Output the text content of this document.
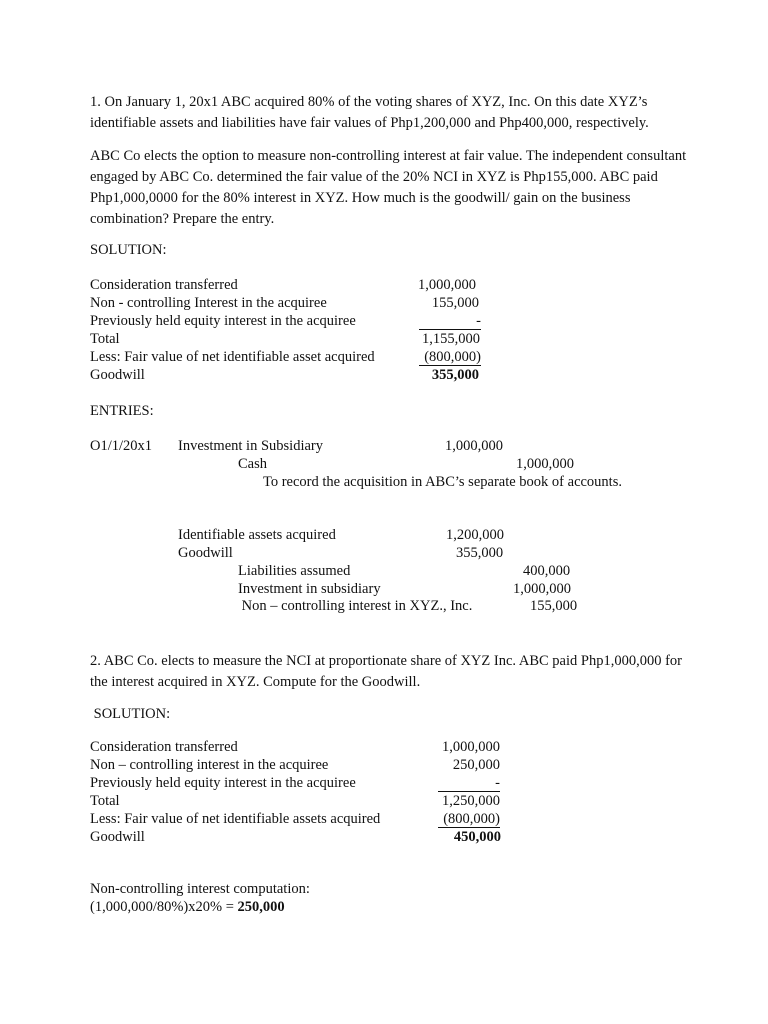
1. On January 1, 20x1 ABC acquired 80% of the voting shares of XYZ, Inc. On this date XYZ’s identifiable assets and liabilities have fair values of Php1,200,000 and Php400,000, respectively.

ABC Co elects the option to measure non-controlling interest at fair value. The independent consultant engaged by ABC Co. determined the fair value of the 20% NCI in XYZ is Php155,000. ABC paid Php1,000,0000 for the 80% interest in XYZ. How much is the goodwill/ gain on the business combination? Prepare the entry.

SOLUTION:
Consideration transferred	1,000,000
Non - controlling Interest in the acquiree	155,000
Previously held equity interest in the acquiree	-
Total	1,155,000
Less: Fair value of net identifiable asset acquired	(800,000)
Goodwill	355,000
ENTRIES:
O1/1/20x1 Investment in Subsidiary	1,000,000
Cash	1,000,000
To record the acquisition in ABC’s separate book of accounts.
Identifiable assets acquired	1,200,000
Goodwill	355,000
Liabilities assumed	400,000
Investment in subsidiary	1,000,000
Non – controlling interest in XYZ., Inc.	155,000

2. ABC Co. elects to measure the NCI at proportionate share of XYZ Inc. ABC paid Php1,000,000 for the interest acquired in XYZ. Compute for the Goodwill.

SOLUTION:
Consideration transferred	1,000,000
Non – controlling interest in the acquiree	250,000
Previously held equity interest in the acquiree	-
Total	1,250,000
Less: Fair value of net identifiable assets acquired	(800,000)
Goodwill	450,000
Non-controlling interest computation:
(1,000,000/80%)x20% = 250,000
